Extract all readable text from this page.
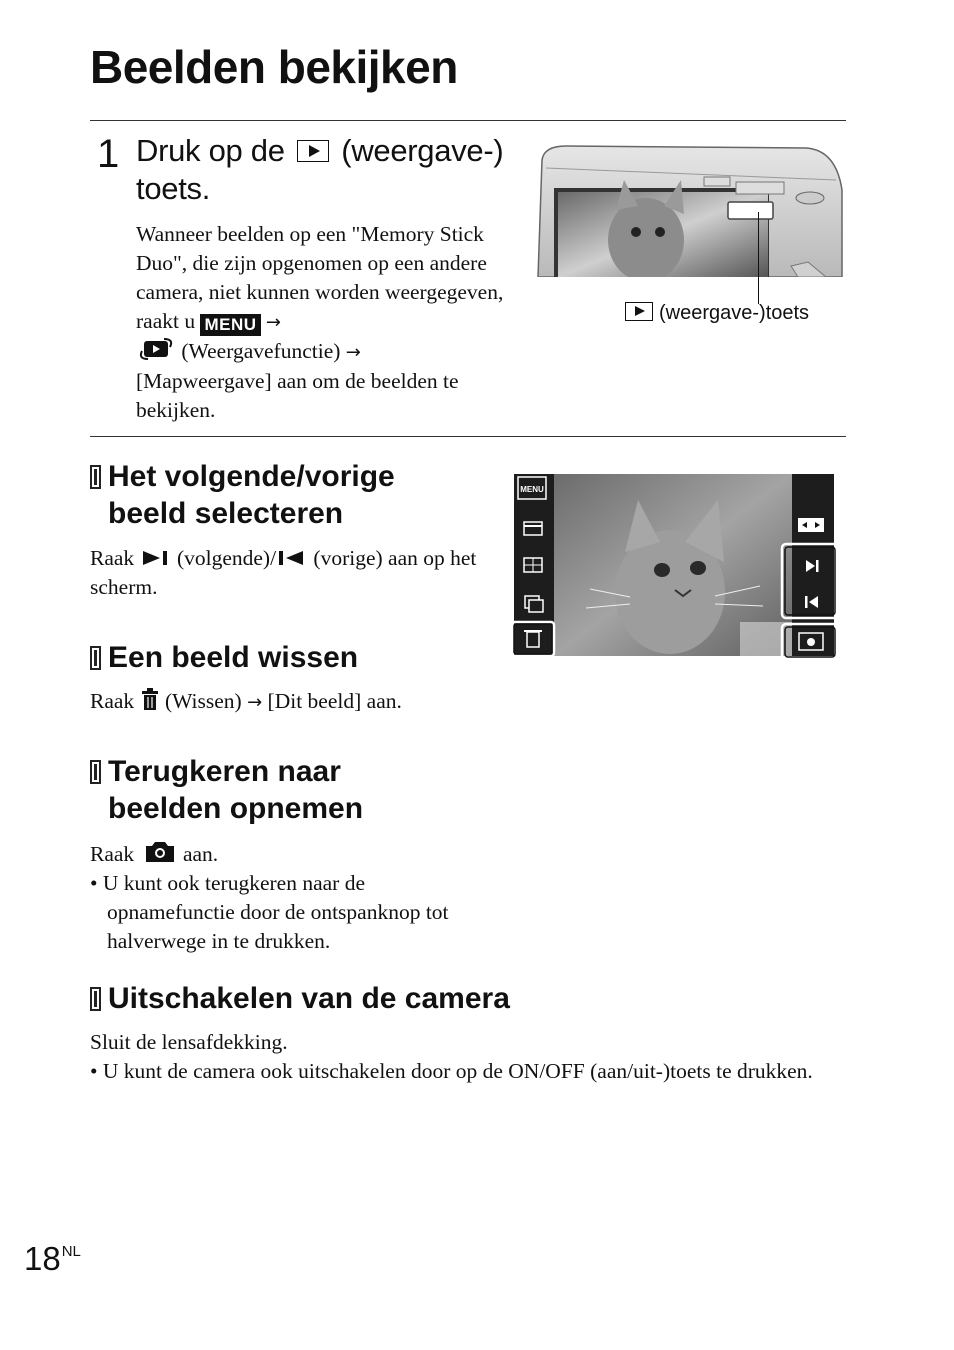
Beelden bekijken
1 Druk op de (weergave-)
toets.
Wanneer beelden op een "Memory Stick Duo", die zijn opgenomen op een andere camera, niet kunnen worden weergegeven, raakt u MENU →
(Weergavefunctie) →
[Mapweergave] aan om de beelden te bekijken.
(weergave-)toets
Het volgende/vorige
beeld selecteren
Raak (volgende)/ (vorige) aan op het scherm.
MENU
Een beeld wissen
Raak (Wissen) → [Dit beeld] aan.
Terugkeren naar
beelden opnemen
Raak aan.
• U kunt ook terugkeren naar de opnamefunctie door de ontspanknop tot halverwege in te drukken.
Uitschakelen van de camera
Sluit de lensafdekking.
• U kunt de camera ook uitschakelen door op de ON/OFF (aan/uit-)toets te drukken.
$18^{NL}$
